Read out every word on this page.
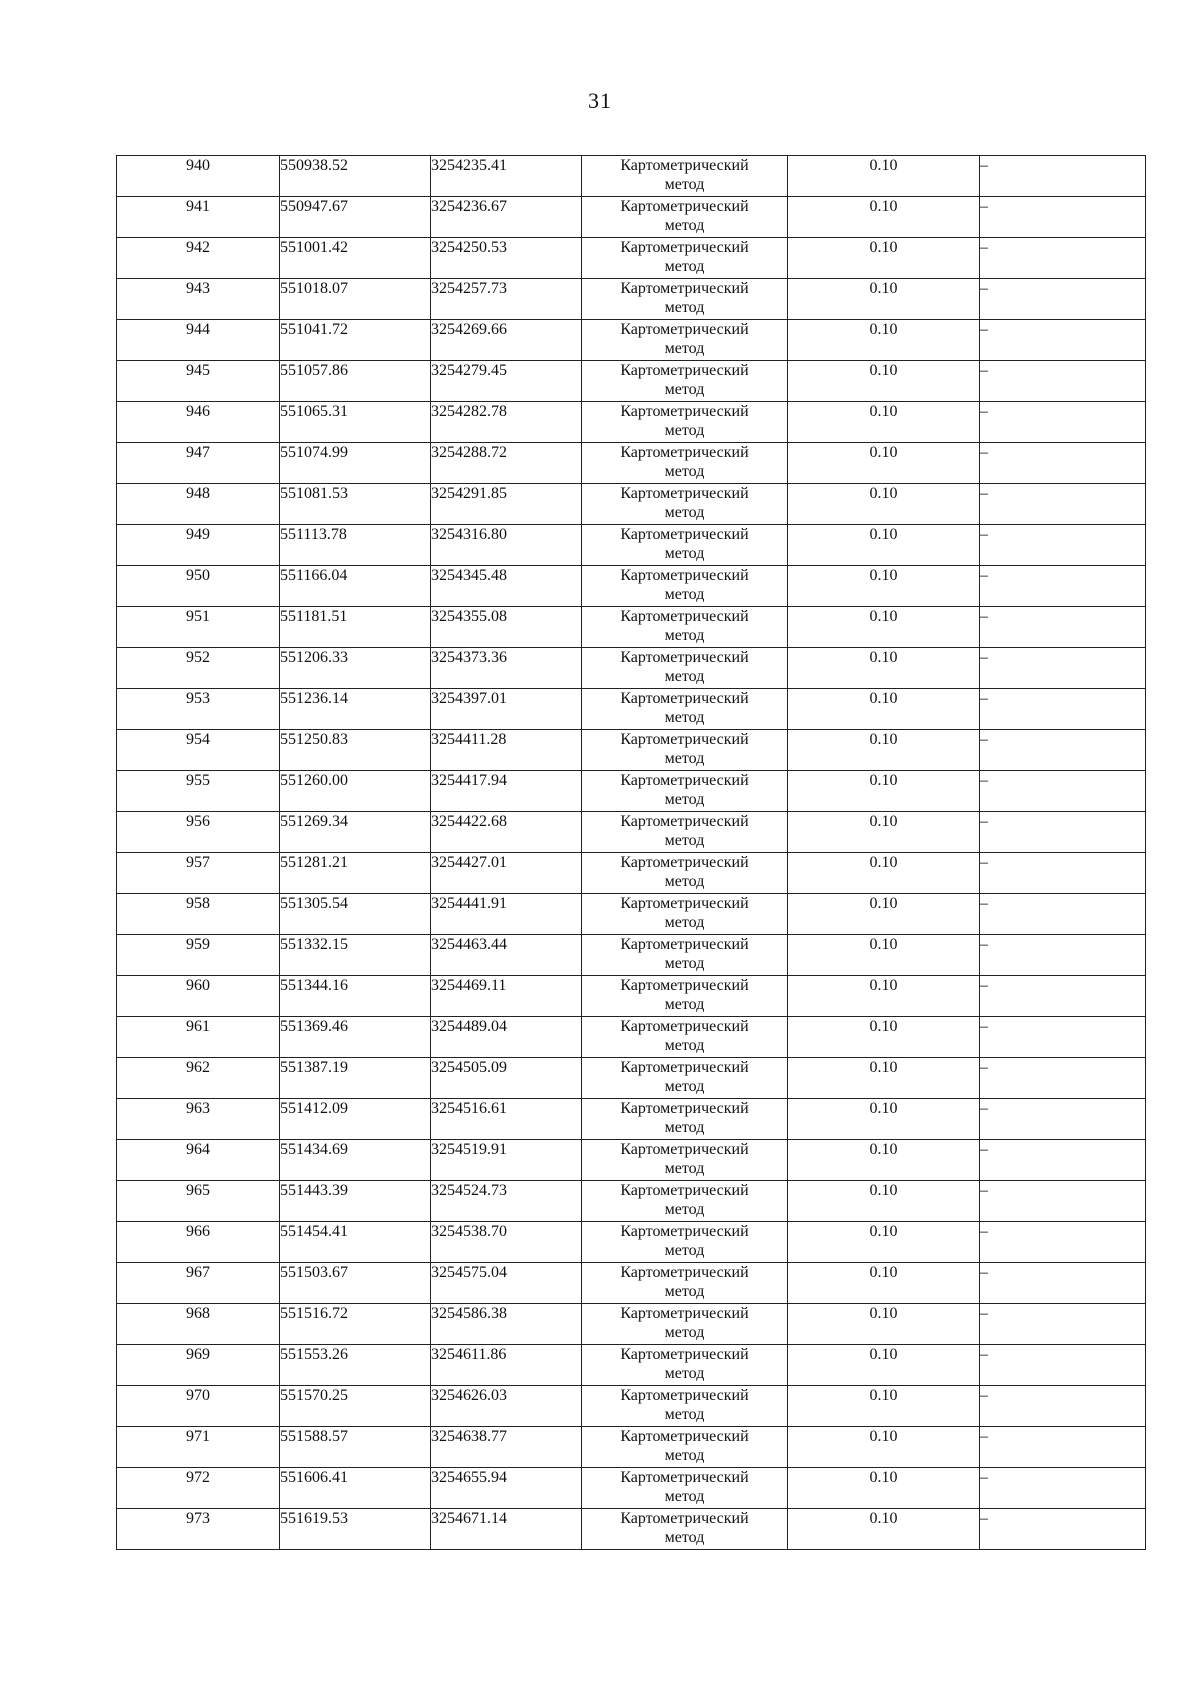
31
940	550938.52	3254235.41	Картометрический
метод	0.10	–
941	550947.67	3254236.67	Картометрический
метод	0.10	–
942	551001.42	3254250.53	Картометрический
метод	0.10	–
943	551018.07	3254257.73	Картометрический
метод	0.10	–
944	551041.72	3254269.66	Картометрический
метод	0.10	–
945	551057.86	3254279.45	Картометрический
метод	0.10	–
946	551065.31	3254282.78	Картометрический
метод	0.10	–
947	551074.99	3254288.72	Картометрический
метод	0.10	–
948	551081.53	3254291.85	Картометрический
метод	0.10	–
949	551113.78	3254316.80	Картометрический
метод	0.10	–
950	551166.04	3254345.48	Картометрический
метод	0.10	–
951	551181.51	3254355.08	Картометрический
метод	0.10	–
952	551206.33	3254373.36	Картометрический
метод	0.10	–
953	551236.14	3254397.01	Картометрический
метод	0.10	–
954	551250.83	3254411.28	Картометрический
метод	0.10	–
955	551260.00	3254417.94	Картометрический
метод	0.10	–
956	551269.34	3254422.68	Картометрический
метод	0.10	–
957	551281.21	3254427.01	Картометрический
метод	0.10	–
958	551305.54	3254441.91	Картометрический
метод	0.10	–
959	551332.15	3254463.44	Картометрический
метод	0.10	–
960	551344.16	3254469.11	Картометрический
метод	0.10	–
961	551369.46	3254489.04	Картометрический
метод	0.10	–
962	551387.19	3254505.09	Картометрический
метод	0.10	–
963	551412.09	3254516.61	Картометрический
метод	0.10	–
964	551434.69	3254519.91	Картометрический
метод	0.10	–
965	551443.39	3254524.73	Картометрический
метод	0.10	–
966	551454.41	3254538.70	Картометрический
метод	0.10	–
967	551503.67	3254575.04	Картометрический
метод	0.10	–
968	551516.72	3254586.38	Картометрический
метод	0.10	–
969	551553.26	3254611.86	Картометрический
метод	0.10	–
970	551570.25	3254626.03	Картометрический
метод	0.10	–
971	551588.57	3254638.77	Картометрический
метод	0.10	–
972	551606.41	3254655.94	Картометрический
метод	0.10	–
973	551619.53	3254671.14	Картометрический
метод	0.10	–
